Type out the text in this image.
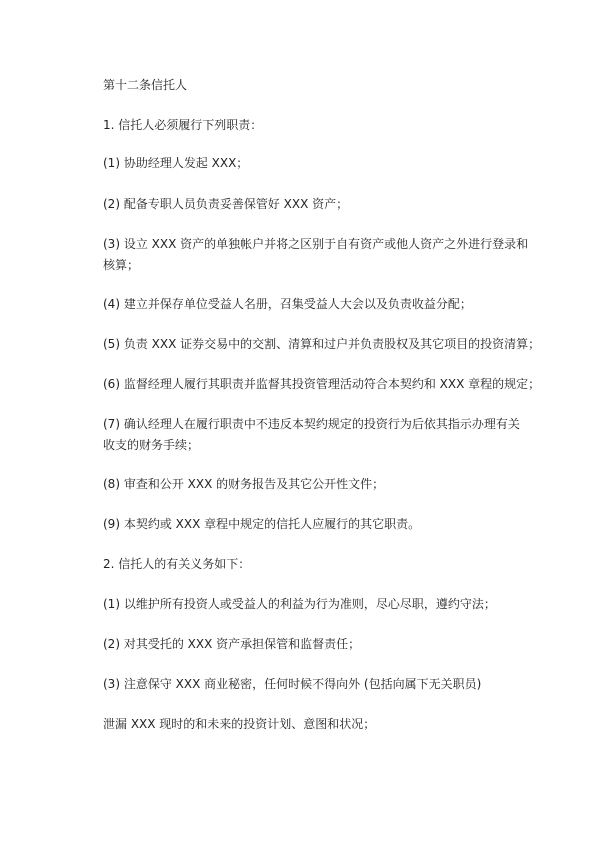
第十二条信托人

1. 信托人必须履行下列职责：

(1) 协助经理人发起 XXX；

(2) 配备专职人员负责妥善保管好 XXX 资产；

(3) 设立 XXX 资产的单独帐户并将之区别于自有资产或他人资产之外进行登录和

核算；

(4) 建立并保存单位受益人名册，召集受益人大会以及负责收益分配；

(5) 负责 XXX 证券交易中的交割、清算和过户并负责股权及其它项目的投资清算；

(6) 监督经理人履行其职责并监督其投资管理活动符合本契约和 XXX 章程的规定；

(7) 确认经理人在履行职责中不违反本契约规定的投资行为后依其指示办理有关

收支的财务手续；

(8) 审查和公开 XXX 的财务报告及其它公开性文件；

(9) 本契约或 XXX 章程中规定的信托人应履行的其它职责。

2. 信托人的有关义务如下：

(1) 以维护所有投资人或受益人的利益为行为准则，尽心尽职，遵约守法；

(2) 对其受托的 XXX 资产承担保管和监督责任；

(3) 注意保守 XXX 商业秘密，任何时候不得向外 (包括向属下无关职员)

泄漏 XXX 现时的和未来的投资计划、意图和状况；
